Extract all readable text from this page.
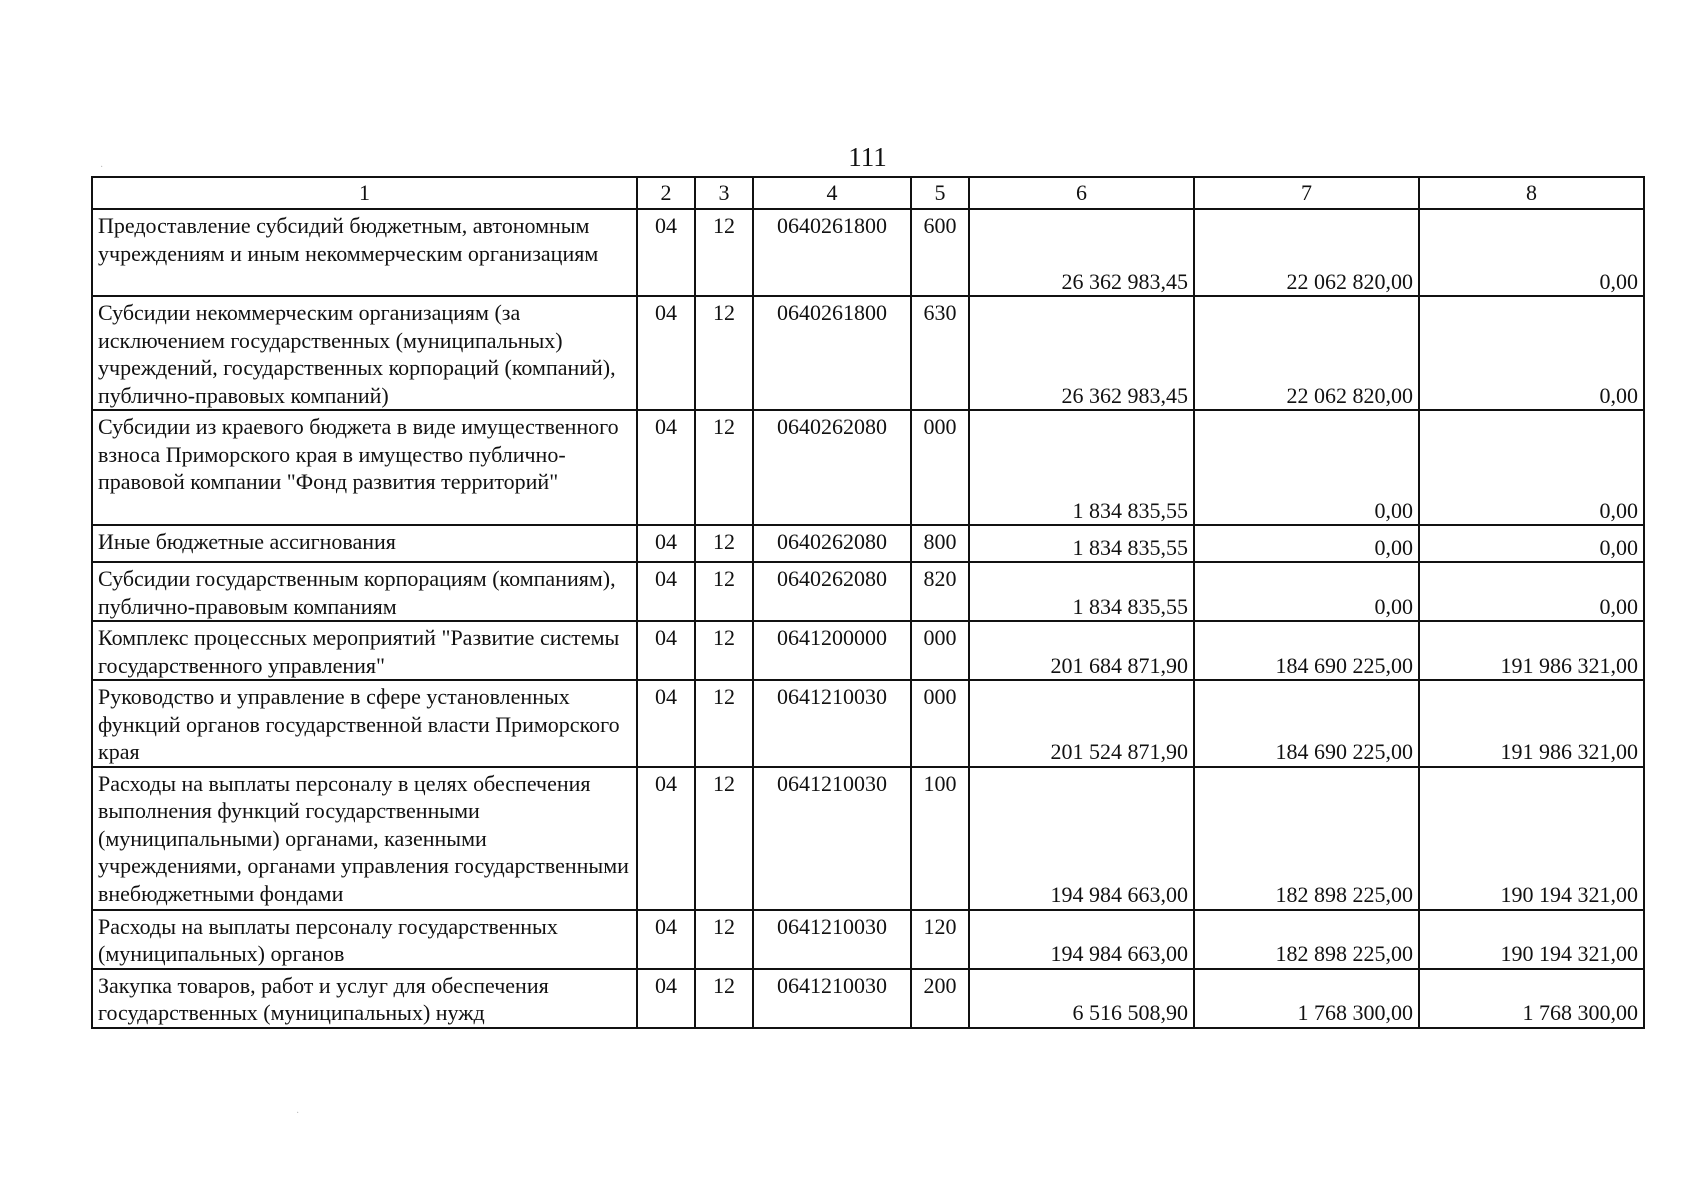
111
1	2	3	4	5	6	7	8
Предоставление субсидий бюджетным, автономным учреждениям и иным некоммерческим организациям	04	12	0640261800	600	26 362 983,45	22 062 820,00	0,00
Субсидии некоммерческим организациям (за исключением государственных (муниципальных) учреждений, государственных корпораций (компаний), публично-правовых компаний)	04	12	0640261800	630	26 362 983,45	22 062 820,00	0,00
Субсидии из краевого бюджета в виде имущественного взноса Приморского края в имущество публично-правовой компании "Фонд развития территорий"	04	12	0640262080	000	1 834 835,55	0,00	0,00
Иные бюджетные ассигнования	04	12	0640262080	800	1 834 835,55	0,00	0,00
Субсидии государственным корпорациям (компаниям), публично-правовым компаниям	04	12	0640262080	820	1 834 835,55	0,00	0,00
Комплекс процессных мероприятий "Развитие системы государственного управления"	04	12	0641200000	000	201 684 871,90	184 690 225,00	191 986 321,00
Руководство и управление в сфере установленных функций органов государственной власти Приморского края	04	12	0641210030	000	201 524 871,90	184 690 225,00	191 986 321,00
Расходы на выплаты персоналу в целях обеспечения выполнения функций государственными (муниципальными) органами, казенными учреждениями, органами управления государственными внебюджетными фондами	04	12	0641210030	100	194 984 663,00	182 898 225,00	190 194 321,00
Расходы на выплаты персоналу государственных (муниципальных) органов	04	12	0641210030	120	194 984 663,00	182 898 225,00	190 194 321,00
Закупка товаров, работ и услуг для обеспечения государственных (муниципальных) нужд	04	12	0641210030	200	6 516 508,90	1 768 300,00	1 768 300,00
·
·
